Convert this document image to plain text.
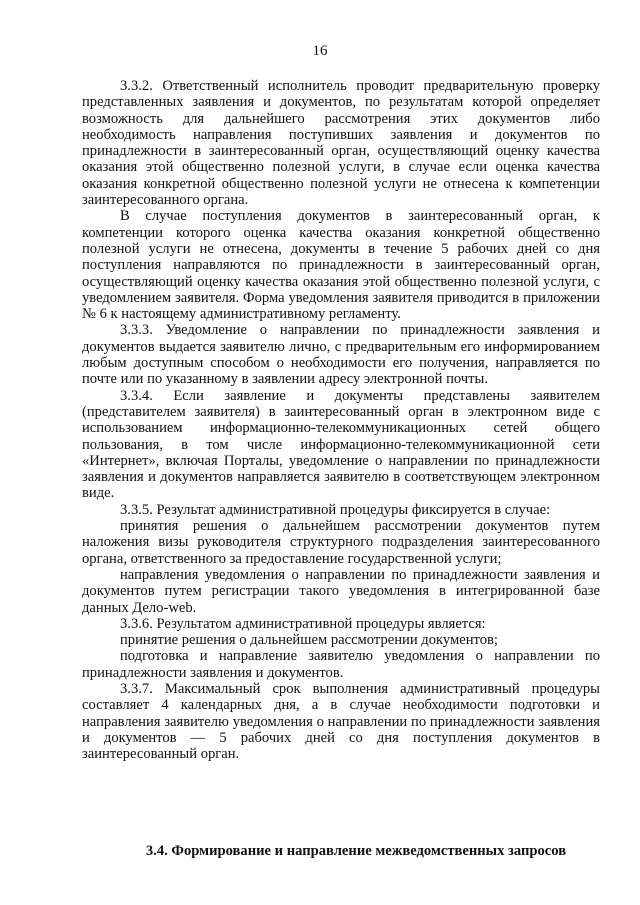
16

3.3.2. Ответственный исполнитель проводит предварительную проверку представленных заявления и документов, по результатам которой определяет возможность для дальнейшего рассмотрения этих документов либо необходимость направления поступивших заявления и документов по принадлежности в заинтересованный орган, осуществляющий оценку качества оказания этой общественно полезной услуги, в случае если оценка качества оказания конкретной общественно полезной услуги не отнесена к компетенции заинтересованного органа.

В случае поступления документов в заинтересованный орган, к компетенции которого оценка качества оказания конкретной общественно полезной услуги не отнесена, документы в течение 5 рабочих дней со дня поступления направляются по принадлежности в заинтересованный орган, осуществляющий оценку качества оказания этой общественно полезной услуги, с уведомлением заявителя. Форма уведомления заявителя приводится в приложении № 6 к настоящему административному регламенту.

3.3.3. Уведомление о направлении по принадлежности заявления и документов выдается заявителю лично, с предварительным его информированием любым доступным способом о необходимости его получения, направляется по почте или по указанному в заявлении адресу электронной почты.

3.3.4. Если заявление и документы представлены заявителем (представителем заявителя) в заинтересованный орган в электронном виде с использованием информационно-телекоммуникационных сетей общего пользования, в том числе информационно-телекоммуникационной сети «Интернет», включая Порталы, уведомление о направлении по принадлежности заявления и документов направляется заявителю в соответствующем электронном виде.

3.3.5. Результат административной процедуры фиксируется в случае:

принятия решения о дальнейшем рассмотрении документов путем наложения визы руководителя структурного подразделения заинтересованного органа, ответственного за предоставление государственной услуги;

направления уведомления о направлении по принадлежности заявления и документов путем регистрации такого уведомления в интегрированной базе данных Дело-web.

3.3.6. Результатом административной процедуры является:

принятие решения о дальнейшем рассмотрении документов;

подготовка и направление заявителю уведомления о направлении по принадлежности заявления и документов.

3.3.7. Максимальный срок выполнения административный процедуры составляет 4 календарных дня, а в случае необходимости подготовки и направления заявителю уведомления о направлении по принадлежности заявления и документов — 5 рабочих дней со дня поступления документов в заинтересованный орган.

3.4. Формирование и направление межведомственных запросов
